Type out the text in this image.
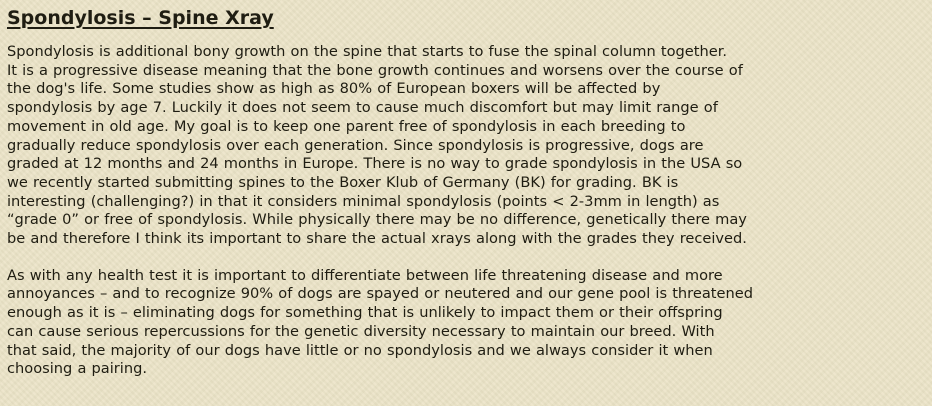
Spondylosis – Spine Xray

Spondylosis is additional bony growth on the spine that starts to fuse the spinal column together.
It is a progressive disease meaning that the bone growth continues and worsens over the course of
the dog's life. Some studies show as high as 80% of European boxers will be affected by
spondylosis by age 7. Luckily it does not seem to cause much discomfort but may limit range of
movement in old age. My goal is to keep one parent free of spondylosis in each breeding to
gradually reduce spondylosis over each generation. Since spondylosis is progressive, dogs are
graded at 12 months and 24 months in Europe. There is no way to grade spondylosis in the USA so
we recently started submitting spines to the Boxer Klub of Germany (BK) for grading. BK is
interesting (challenging?) in that it considers minimal spondylosis (points < 2-3mm in length) as
“grade 0” or free of spondylosis. While physically there may be no difference, genetically there may
be and therefore I think its important to share the actual xrays along with the grades they received.

As with any health test it is important to differentiate between life threatening disease and more
annoyances – and to recognize 90% of dogs are spayed or neutered and our gene pool is threatened
enough as it is – eliminating dogs for something that is unlikely to impact them or their offspring
can cause serious repercussions for the genetic diversity necessary to maintain our breed. With
that said, the majority of our dogs have little or no spondylosis and we always consider it when
choosing a pairing.
